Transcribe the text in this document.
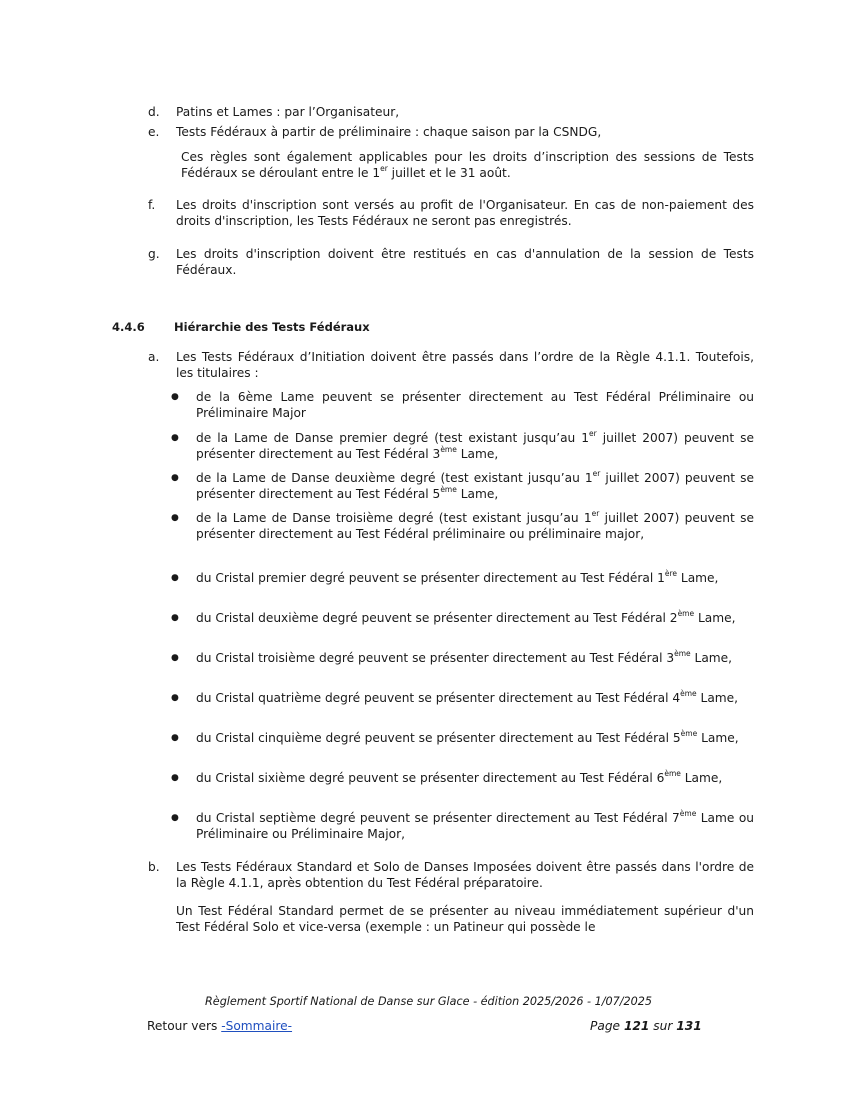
d. Patins et Lames : par l’Organisateur,
e. Tests Fédéraux à partir de préliminaire : chaque saison par la CSNDG,
Ces règles sont également applicables pour les droits d’inscription des sessions de Tests Fédéraux se déroulant entre le 1er juillet et le 31 août.
f. Les droits d'inscription sont versés au profit de l'Organisateur. En cas de non-paiement des droits d'inscription, les Tests Fédéraux ne seront pas enregistrés.
g. Les droits d'inscription doivent être restitués en cas d'annulation de la session de Tests Fédéraux.
4.4.6	Hiérarchie des Tests Fédéraux
a. Les Tests Fédéraux d’Initiation doivent être passés dans l’ordre de la Règle 4.1.1. Toutefois, les titulaires :
● de la 6ème Lame peuvent se présenter directement au Test Fédéral Préliminaire ou Préliminaire Major
● de la Lame de Danse premier degré (test existant jusqu’au 1er juillet 2007) peuvent se présenter directement au Test Fédéral 3ème Lame,
● de la Lame de Danse deuxième degré (test existant jusqu’au 1er juillet 2007) peuvent se présenter directement au Test Fédéral 5ème Lame,
● de la Lame de Danse troisième degré (test existant jusqu’au 1er juillet 2007) peuvent se présenter directement au Test Fédéral préliminaire ou préliminaire major,
● du Cristal premier degré peuvent se présenter directement au Test Fédéral 1ère Lame,
● du Cristal deuxième degré peuvent se présenter directement au Test Fédéral 2ème Lame,
● du Cristal troisième degré peuvent se présenter directement au Test Fédéral 3ème Lame,
● du Cristal quatrième degré peuvent se présenter directement au Test Fédéral 4ème Lame,
● du Cristal cinquième degré peuvent se présenter directement au Test Fédéral 5ème Lame,
● du Cristal sixième degré peuvent se présenter directement au Test Fédéral 6ème Lame,
● du Cristal septième degré peuvent se présenter directement au Test Fédéral 7ème Lame ou Préliminaire ou Préliminaire Major,
b. Les Tests Fédéraux Standard et Solo de Danses Imposées doivent être passés dans l'ordre de la Règle 4.1.1, après obtention du Test Fédéral préparatoire.
Un Test Fédéral Standard permet de se présenter au niveau immédiatement supérieur d'un Test Fédéral Solo et vice-versa (exemple : un Patineur qui possède le
Règlement Sportif National de Danse sur Glace - édition 2025/2026 - 1/07/2025
Retour vers -Sommaire-	Page 121 sur 131
